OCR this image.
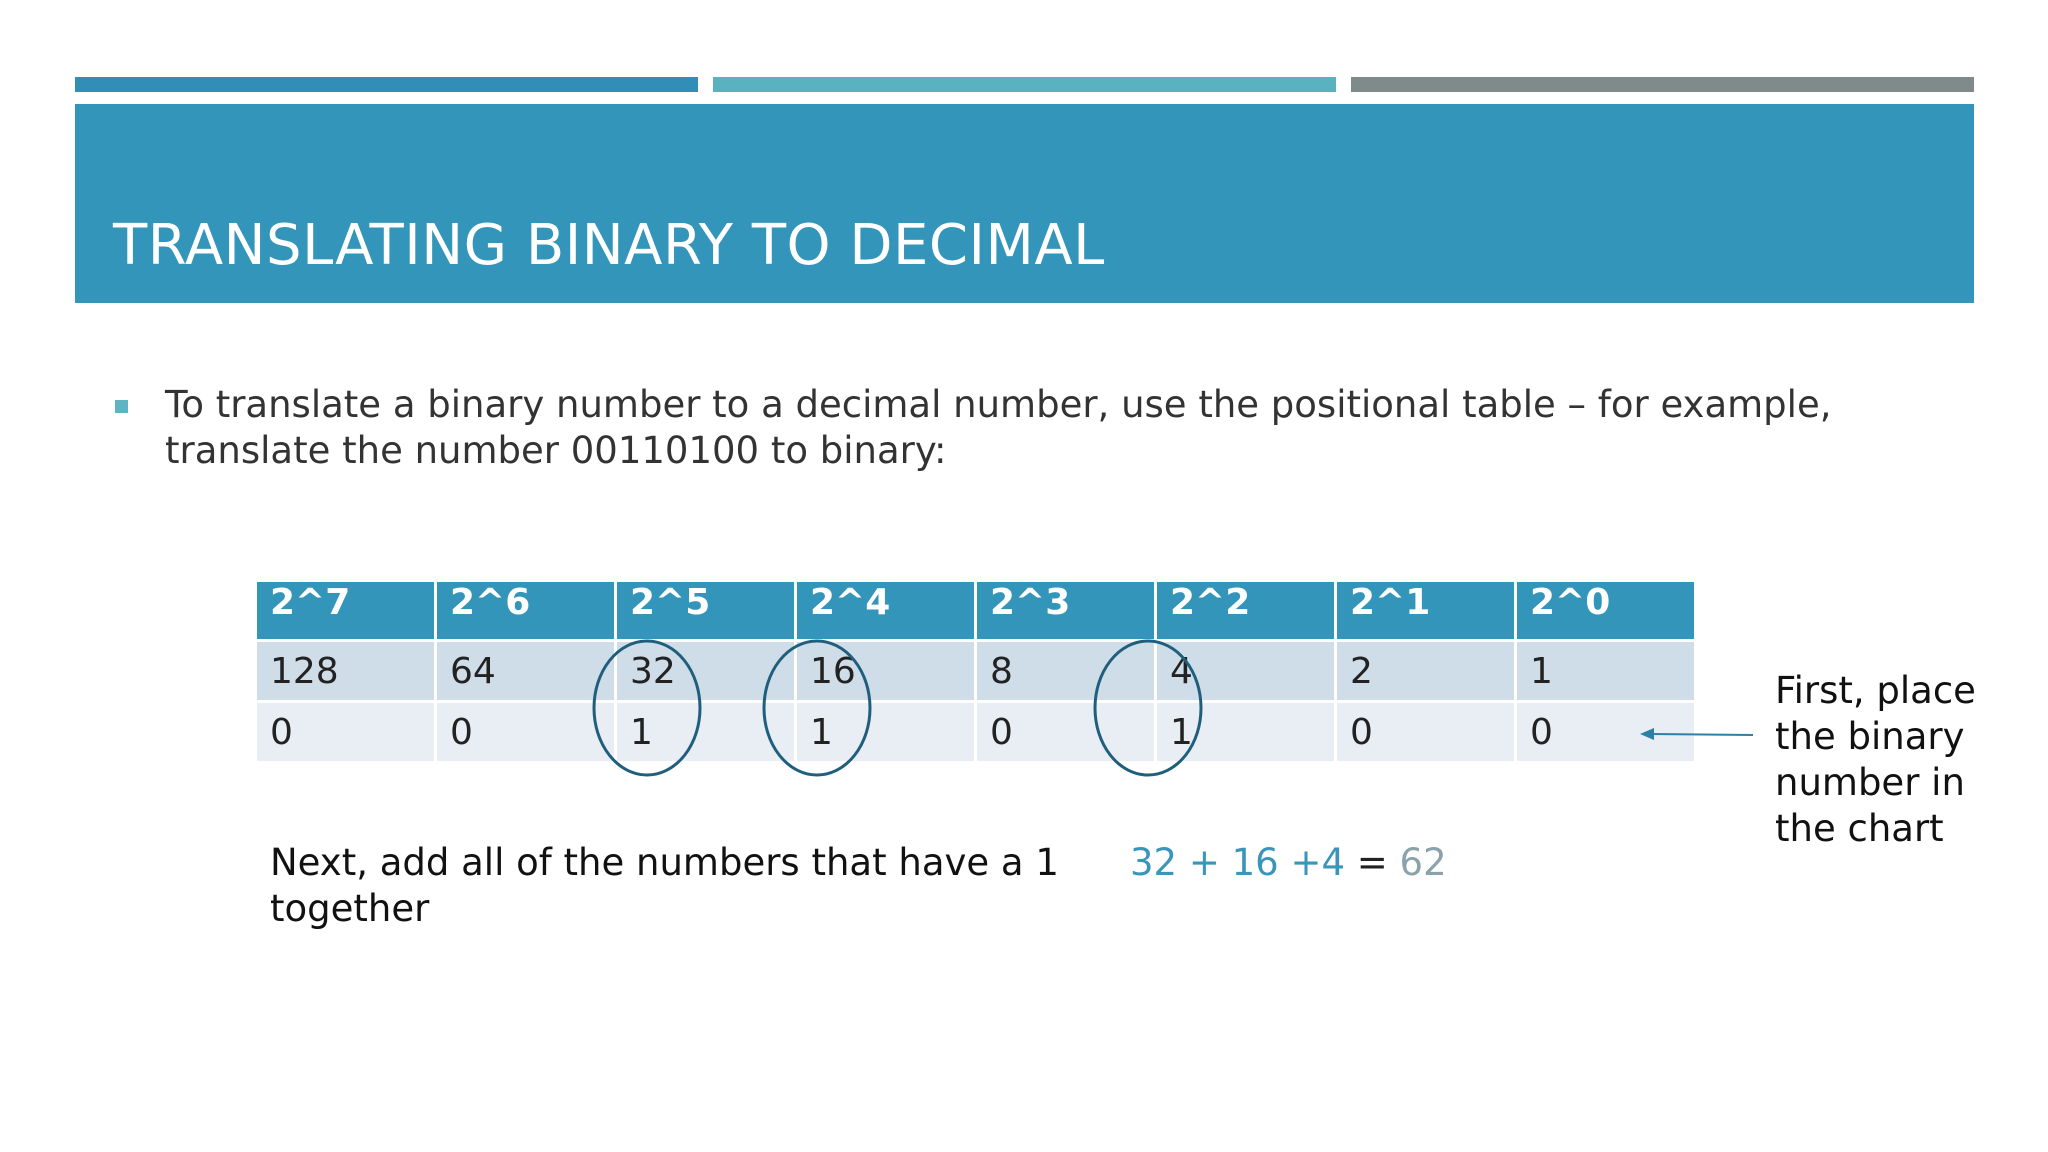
TRANSLATING BINARY TO DECIMAL
To translate a binary number to a decimal number, use the positional table – for example, translate the number 00110100 to binary:
2^7	2^6	2^5	2^4	2^3	2^2	2^1	2^0
128	64	32	16	8	4	2	1
0	0	1	1	0	1	0	0
Next, add all of the numbers that have a 1 together
32 + 16 +4 = 62
First, place the binary number in the chart
